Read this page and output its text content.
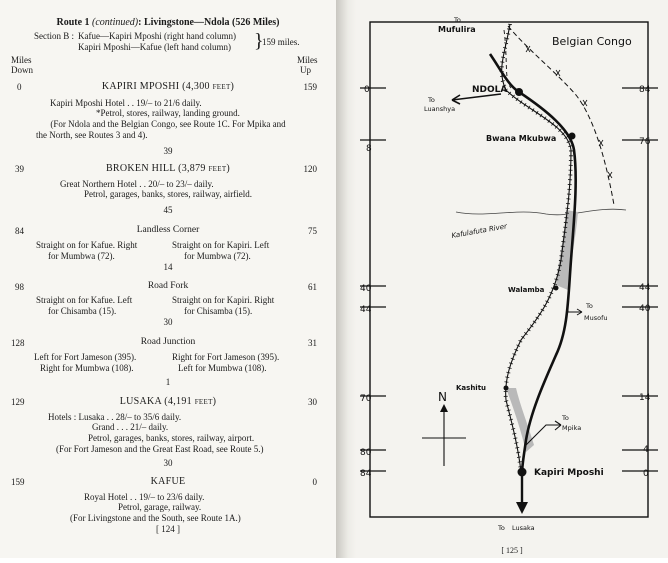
Route 1 (continued): Livingstone—Ndola (526 Miles)
Section B : Kafue—Kapiri Mposhi (right hand column)
Kapiri Mposhi—Kafue (left hand column) }
159 miles.
Miles
Down
Miles
Up
0	KAPIRI MPOSHI (4,300 feet)	159
Kapiri Mposhi Hotel . . 19/– to 21/6 daily.
*Petrol, stores, railway, landing ground.
(For Ndola and the Belgian Congo, see Route 1C. For Mpika and
the North, see Routes 3 and 4).
39
39	BROKEN HILL (3,879 feet)	120
Great Northern Hotel . . 20/– to 23/– daily.
Petrol, garages, banks, stores, railway, airfield.
45
84	Landless Corner	75
Straight on for Kafue. Right
for Mumbwa (72).
Straight on for Kapiri. Left
for Mumbwa (72).
14
98	Road Fork	61
Straight on for Kafue. Left
for Chisamba (15).
Straight on for Kapiri. Right
for Chisamba (15).
30
128	Road Junction	31
Left for Fort Jameson (395).
Right for Mumbwa (108).
Right for Fort Jameson (395).
Left for Mumbwa (108).
1
129	LUSAKA (4,191 feet)	30
Hotels : Lusaka . . 28/– to 35/6 daily.
Grand . . . 21/– daily.
Petrol, garages, banks, stores, railway, airport.
(For Fort Jameson and the Great East Road, see Route 5.)
30
159	KAFUE	0
Royal Hotel . . 19/– to 23/6 daily.
Petrol, garage, railway.
(For Livingstone and the South, see Route 1A.)
[ 124 ]
0
8
40
44
70
80
84
84
76
44
40
14
4
0
Belgian Congo
To
Mufulira
Kafulafuta River
NDOLA
To
Luanshya
Bwana Mkubwa
Walamba
To
Musofu
Kashitu
N
To
Mpika
Kapiri Mposhi
To Lusaka
[ 125 ]
